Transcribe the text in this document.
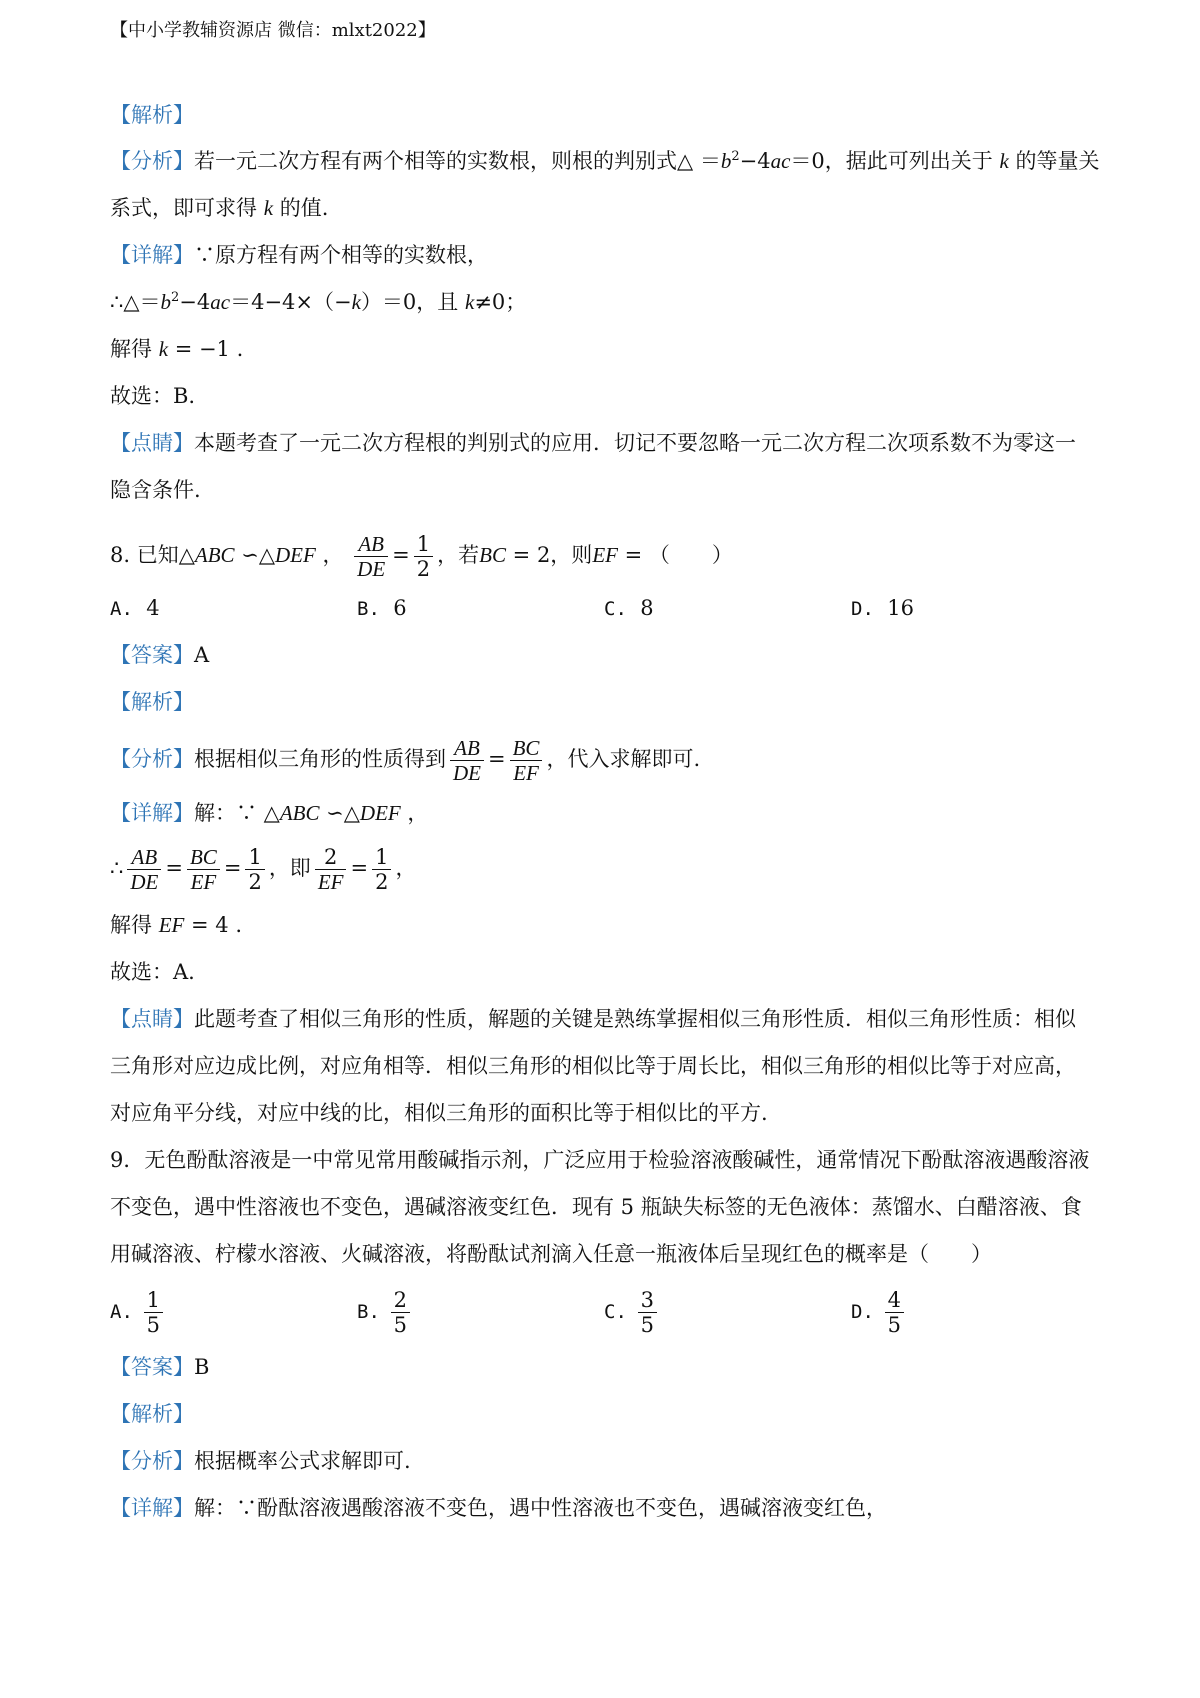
【中小学教辅资源店 微信：mlxt2022】
【解析】
【分析】若一元二次方程有两个相等的实数根，则根的判别式△ $=b^2-4ac=0$，据此可列出关于 k 的等量关
系式，即可求得 k 的值.
【详解】∵原方程有两个相等的实数根，
$\therefore\triangle=b^2-4ac=4-4\times(-k)=0$，且 k≠0；
解得 k = −1 .
故选：B.
【点睛】本题考查了一元二次方程根的判别式的应用．切记不要忽略一元二次方程二次项系数不为零这一
隐含条件.
8. 已知△ABC ∽△DEF ， $\frac{AB}{DE} = \frac{1}{2}$ ，若BC = 2，则EF = （　　）
A. 4	B. 6	C. 8	D. 16
【答案】A
【解析】
【分析】根据相似三角形的性质得到 $\frac{AB}{DE} = \frac{BC}{EF}$ ，代入求解即可.
【详解】解：∵ △ABC ∽△DEF ，
∴ $\frac{AB}{DE} = \frac{BC}{EF} = \frac{1}{2}$ ，即 $\frac{2}{EF} = \frac{1}{2}$ ，
解得 EF = 4 .
故选：A.
【点睛】此题考查了相似三角形的性质，解题的关键是熟练掌握相似三角形性质．相似三角形性质：相似
三角形对应边成比例，对应角相等．相似三角形的相似比等于周长比，相似三角形的相似比等于对应高，
对应角平分线，对应中线的比，相似三角形的面积比等于相似比的平方.
9．无色酚酞溶液是一中常见常用酸碱指示剂，广泛应用于检验溶液酸碱性，通常情况下酚酞溶液遇酸溶液
不变色，遇中性溶液也不变色，遇碱溶液变红色．现有 5 瓶缺失标签的无色液体：蒸馏水、白醋溶液、食
用碱溶液、柠檬水溶液、火碱溶液，将酚酞试剂滴入任意一瓶液体后呈现红色的概率是（　　）
A. $\frac{1}{5}$	B. $\frac{2}{5}$	C. $\frac{3}{5}$	D. $\frac{4}{5}$
【答案】B
【解析】
【分析】根据概率公式求解即可.
【详解】解：∵酚酞溶液遇酸溶液不变色，遇中性溶液也不变色，遇碱溶液变红色，
